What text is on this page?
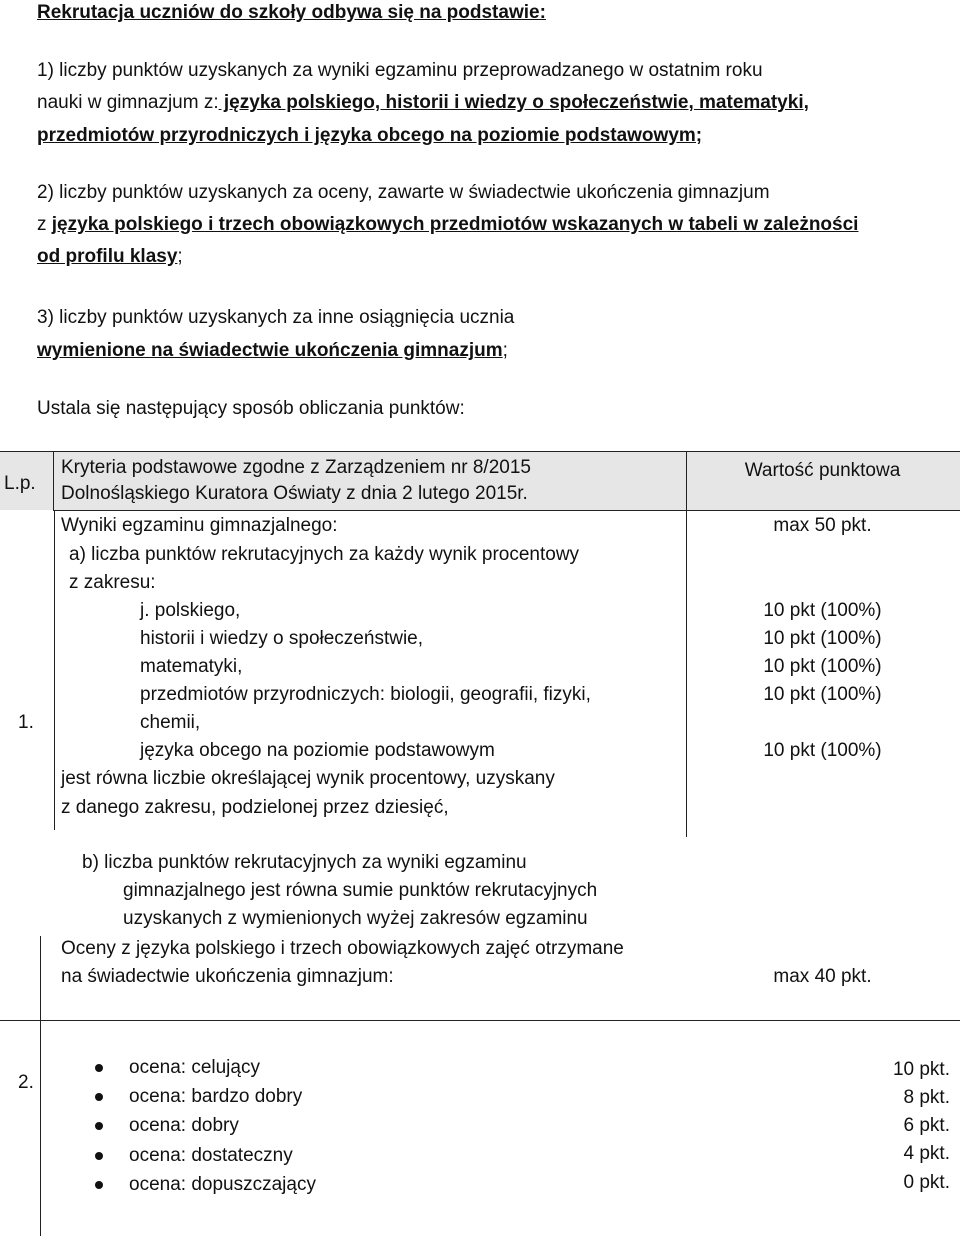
Rekrutacja uczniów do szkoły odbywa się na podstawie:
1) liczby punktów uzyskanych za wyniki egzaminu przeprowadzanego w ostatnim roku
nauki w gimnazjum z: języka polskiego, historii i wiedzy o społeczeństwie, matematyki,
przedmiotów przyrodniczych i języka obcego na poziomie podstawowym;
2) liczby punktów uzyskanych za oceny, zawarte w świadectwie ukończenia gimnazjum
z języka polskiego i trzech obowiązkowych przedmiotów wskazanych w tabeli w zależności
od profilu klasy;
3) liczby punktów uzyskanych za inne osiągnięcia ucznia
wymienione na świadectwie ukończenia gimnazjum;
Ustala się następujący sposób obliczania punktów:
L.p.
Kryteria podstawowe zgodne z Zarządzeniem nr 8/2015
Dolnośląskiego Kuratora Oświaty z dnia 2 lutego 2015r.
Wartość punktowa
1.
Wyniki egzaminu gimnazjalnego:	max 50 pkt.
a) liczba punktów rekrutacyjnych za każdy wynik procentowy
z zakresu:
j. polskiego,
historii i wiedzy o społeczeństwie,
matematyki,
przedmiotów przyrodniczych: biologii, geografii, fizyki,
chemii,
języka obcego na poziomie podstawowym
10 pkt (100%)
10 pkt (100%)
10 pkt (100%)
10 pkt (100%)
10 pkt (100%)
jest równa liczbie określającej wynik procentowy, uzyskany
z danego zakresu, podzielonej przez dziesięć,
b) liczba punktów rekrutacyjnych za wyniki egzaminu
gimnazjalnego jest równa sumie punktów rekrutacyjnych
uzyskanych z wymienionych wyżej zakresów egzaminu
Oceny z języka polskiego i trzech obowiązkowych zajęć otrzymane
na świadectwie ukończenia gimnazjum:	max 40 pkt.
2.
ocena: celujący
ocena: bardzo dobry
ocena: dobry
ocena: dostateczny
ocena: dopuszczający
10 pkt.
8 pkt.
6 pkt.
4 pkt.
0 pkt.
